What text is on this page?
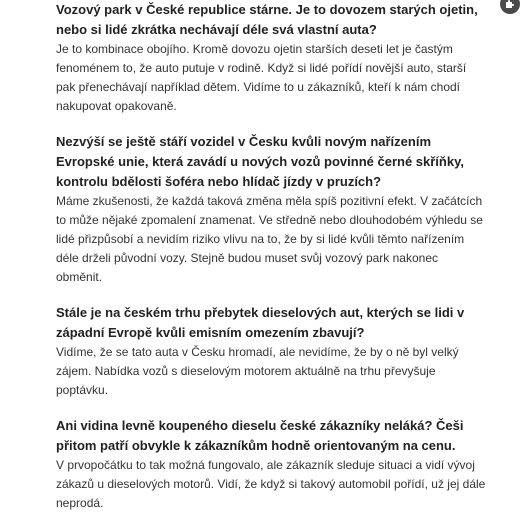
Vozový park v České republice stárne. Je to dovozem starých ojetin, nebo si lidé zkrátka nechávají déle svá vlastní auta?

Je to kombinace obojího. Kromě dovozu ojetin starších deseti let je častým fenoménem to, že auto putuje v rodině. Když si lidé pořídí novější auto, starší pak přenechávají například dětem. Vidíme to u zákazníků, kteří k nám chodí nakupovat opakovaně.

Nezvýší se ještě stáří vozidel v Česku kvůli novým nařízením Evropské unie, která zavádí u nových vozů povinné černé skříňky, kontrolu bdělosti šoféra nebo hlídač jízdy v pruzích?

Máme zkušenosti, že každá taková změna měla spíš pozitivní efekt. V začátcích to může nějaké zpomalení znamenat. Ve středně nebo dlouhodobém výhledu se lidé přizpůsobí a nevidím riziko vlivu na to, že by si lidé kvůli těmto nařízením déle drželi původní vozy. Stejně budou muset svůj vozový park nakonec obměnit.

Stále je na českém trhu přebytek dieselových aut, kterých se lidi v západní Evropě kvůli emisním omezením zbavují?

Vidíme, že se tato auta v Česku hromadí, ale nevidíme, že by o ně byl velký zájem. Nabídka vozů s dieselovým motorem aktuálně na trhu převyšuje poptávku.

Ani vidina levně koupeného dieselu české zákazníky neláká? Češi přitom patří obvykle k zákazníkům hodně orientovaným na cenu.

V prvopočátku to tak možná fungovalo, ale zákazník sleduje situaci a vidí vývoj zákazů u dieselových motorů. Vidí, že když si takový automobil pořídí, už jej dále neprodá.
